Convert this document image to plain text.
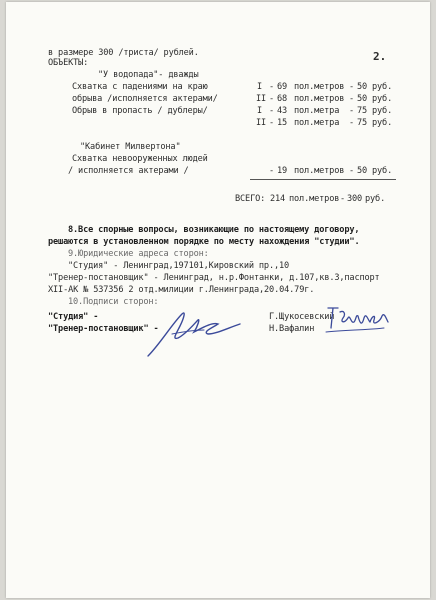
2.
в размере 300 /триста/ рублей.
ОБЪЕКТЫ:
"У водопада"- дважды
Схватка с падениями на краю
обрыва /исполняется актерами/
Обрыв в пропасть / дублеры/
I - 69 пол.метров - 50 руб.
II - 68 пол.метров - 50 руб.
I - 43 пол.метра - 75 руб.
II - 15 пол.метра - 75 руб.
"Кабинет Милвертона"
Схватка невооруженных людей
/ исполняется актерами /	- 19 пол.метров - 50 руб.
ВСЕГО: 214 пол.метров - 300 руб.
8.Все спорные вопросы, возникающие по настоящему договору,
решаются в установленном порядке по месту нахождения "студии".
9.Юридические адреса сторон:
"Студия" - Ленинград,197101,Кировский пр.,10
"Тренер-постановщик" - Ленинград, н.р.Фонтанки, д.107,кв.3,паспорт
XII-АК № 537356 2 отд.милиции г.Ленинграда,20.04.79г.
10.Подписи сторон:
"Студия" -
"Тренер-постановщик" -
Г.Щукосевский
Н.Вафалин
